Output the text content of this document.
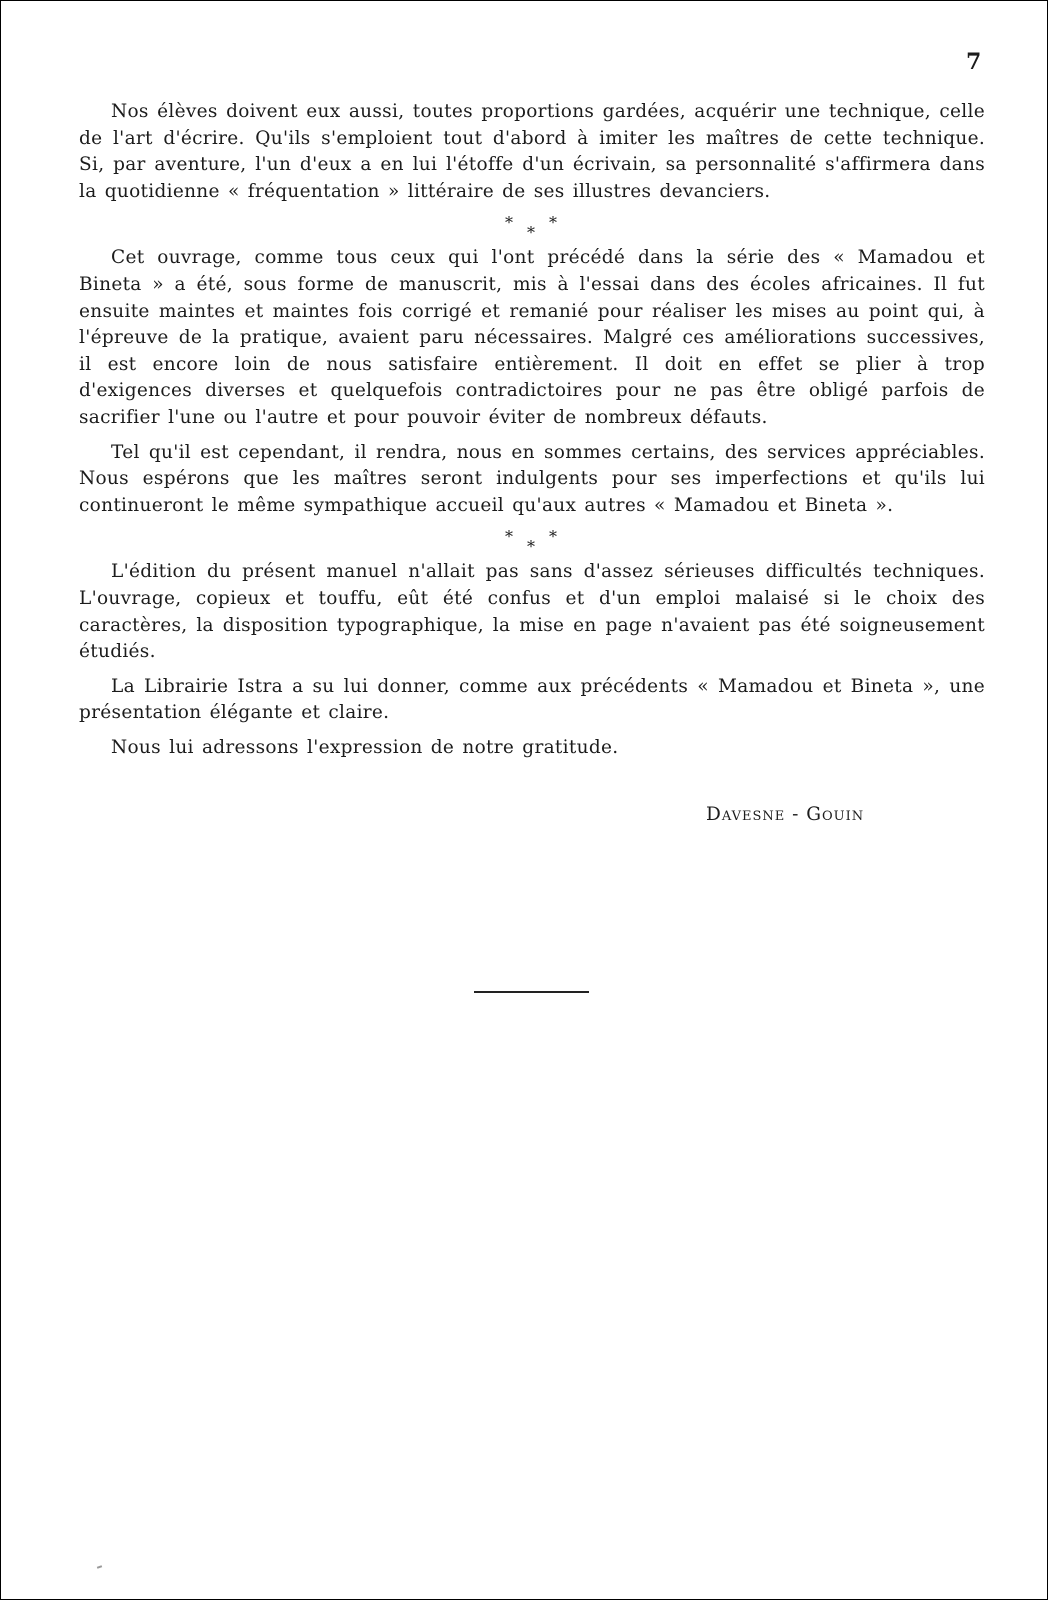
7

Nos élèves doivent eux aussi, toutes proportions gardées, acquérir une technique, celle de l'art d'écrire. Qu'ils s'emploient tout d'abord à imiter les maîtres de cette technique. Si, par aventure, l'un d'eux a en lui l'étoffe d'un écrivain, sa personnalité s'affirmera dans la quotidienne « fréquentation » littéraire de ses illustres devanciers.

*
*
*

Cet ouvrage, comme tous ceux qui l'ont précédé dans la série des « Mamadou et Bineta » a été, sous forme de manuscrit, mis à l'essai dans des écoles africaines. Il fut ensuite maintes et maintes fois corrigé et remanié pour réaliser les mises au point qui, à l'épreuve de la pratique, avaient paru nécessaires. Malgré ces améliorations successives, il est encore loin de nous satisfaire entièrement. Il doit en effet se plier à trop d'exigences diverses et quelquefois contradictoires pour ne pas être obligé parfois de sacrifier l'une ou l'autre et pour pouvoir éviter de nombreux défauts.

Tel qu'il est cependant, il rendra, nous en sommes certains, des services appréciables. Nous espérons que les maîtres seront indulgents pour ses imperfections et qu'ils lui continueront le même sympathique accueil qu'aux autres « Mamadou et Bineta ».

*
*
*

L'édition du présent manuel n'allait pas sans d'assez sérieuses difficultés techniques. L'ouvrage, copieux et touffu, eût été confus et d'un emploi malaisé si le choix des caractères, la disposition typographique, la mise en page n'avaient pas été soigneusement étudiés.

La Librairie Istra a su lui donner, comme aux précédents « Mamadou et Bineta », une présentation élégante et claire.

Nous lui adressons l'expression de notre gratitude.

Davesne - Gouin
